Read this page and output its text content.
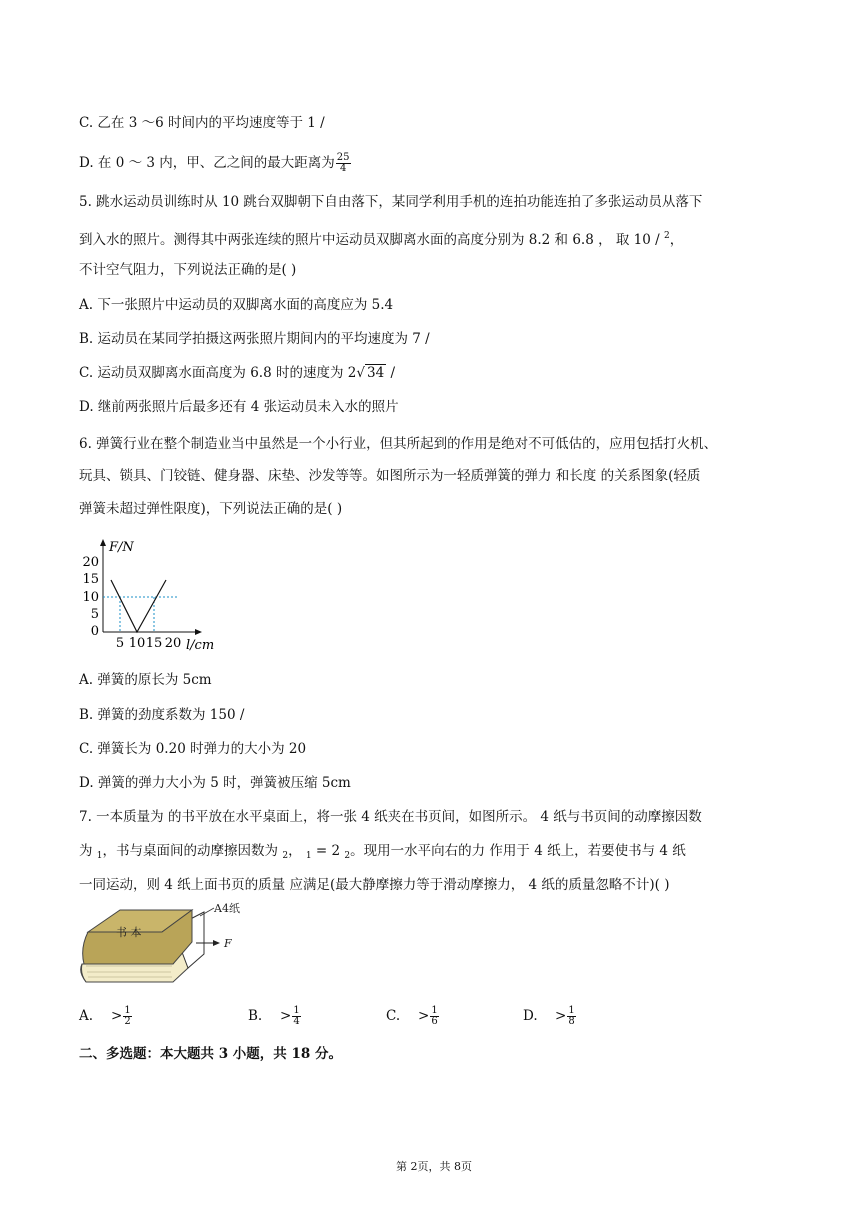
C. 乙在 3 ～6 时间内的平均速度等于 1 /
D. 在 0 ～ 3 内，甲、乙之间的最大距离为 $\frac{25}{4}$
5. 跳水运动员训练时从 10 跳台双脚朝下自由落下，某同学利用手机的连拍功能连拍了多张运动员从落下
到入水的照片。测得其中两张连续的照片中运动员双脚离水面的高度分别为 8.2 和 6.8 ， 取 10 / $^2$，
不计空气阻力，下列说法正确的是( )
A. 下一张照片中运动员的双脚离水面的高度应为 5.4
B. 运动员在某同学拍摄这两张照片期间内的平均速度为 7 /
C. 运动员双脚离水面高度为 6.8 时的速度为 2√ 34 /
D. 继前两张照片后最多还有 4 张运动员未入水的照片
6. 弹簧行业在整个制造业当中虽然是一个小行业，但其所起到的作用是绝对不可低估的，应用包括打火机、
玩具、锁具、门铰链、健身器、床垫、沙发等等。如图所示为一轻质弹簧的弹力 和长度 的关系图象(轻质
弹簧未超过弹性限度)，下列说法正确的是( )
F/N
20
15
10
5
0
5 10 15 20 l/cm
A. 弹簧的原长为 5cm
B. 弹簧的劲度系数为 150 /
C. 弹簧长为 0.20 时弹力的大小为 20
D. 弹簧的弹力大小为 5 时，弹簧被压缩 5cm
7. 一本质量为 的书平放在水平桌面上，将一张 4 纸夹在书页间，如图所示。 4 纸与书页间的动摩擦因数
为 $_1$，书与桌面间的动摩擦因数为 $_2$， $_1$ = 2 $_2$。现用一水平向右的力 作用于 4 纸上，若要使书与 4 纸
一同运动，则 4 纸上面书页的质量 应满足(最大静摩擦力等于滑动摩擦力， 4 纸的质量忽略不计)( )
书 本
A4纸
F
A. > $\frac{1}{2}$	B. > $\frac{1}{4}$	C. > $\frac{1}{6}$	D. > $\frac{1}{8}$
二、多选题：本大题共 3 小题，共 18 分。
第 2页，共 8页
